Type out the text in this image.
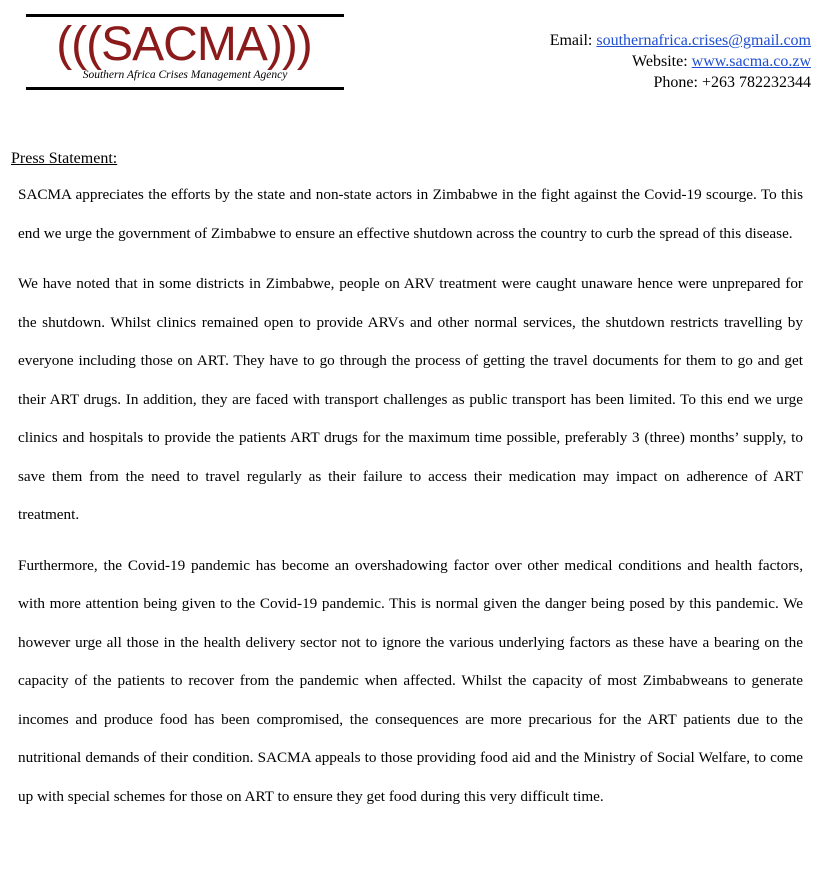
(((SACMA)))
Southern Africa Crises Management Agency
Email: southernafrica.crises@gmail.com
Website: www.sacma.co.zw
Phone: +263 782232344
Press Statement:

SACMA appreciates the efforts by the state and non-state actors in Zimbabwe in the fight against the Covid-19 scourge. To this end we urge the government of Zimbabwe to ensure an effective shutdown across the country to curb the spread of this disease.

We have noted that in some districts in Zimbabwe, people on ARV treatment were caught unaware hence were unprepared for the shutdown. Whilst clinics remained open to provide ARVs and other normal services, the shutdown restricts travelling by everyone including those on ART. They have to go through the process of getting the travel documents for them to go and get their ART drugs. In addition, they are faced with transport challenges as public transport has been limited. To this end we urge clinics and hospitals to provide the patients ART drugs for the maximum time possible, preferably 3 (three) months’ supply, to save them from the need to travel regularly as their failure to access their medication may impact on adherence of ART treatment.

Furthermore, the Covid-19 pandemic has become an overshadowing factor over other medical conditions and health factors, with more attention being given to the Covid-19 pandemic. This is normal given the danger being posed by this pandemic. We however urge all those in the health delivery sector not to ignore the various underlying factors as these have a bearing on the capacity of the patients to recover from the pandemic when affected. Whilst the capacity of most Zimbabweans to generate incomes and produce food has been compromised, the consequences are more precarious for the ART patients due to the nutritional demands of their condition. SACMA appeals to those providing food aid and the Ministry of Social Welfare, to come up with special schemes for those on ART to ensure they get food during this very difficult time.
